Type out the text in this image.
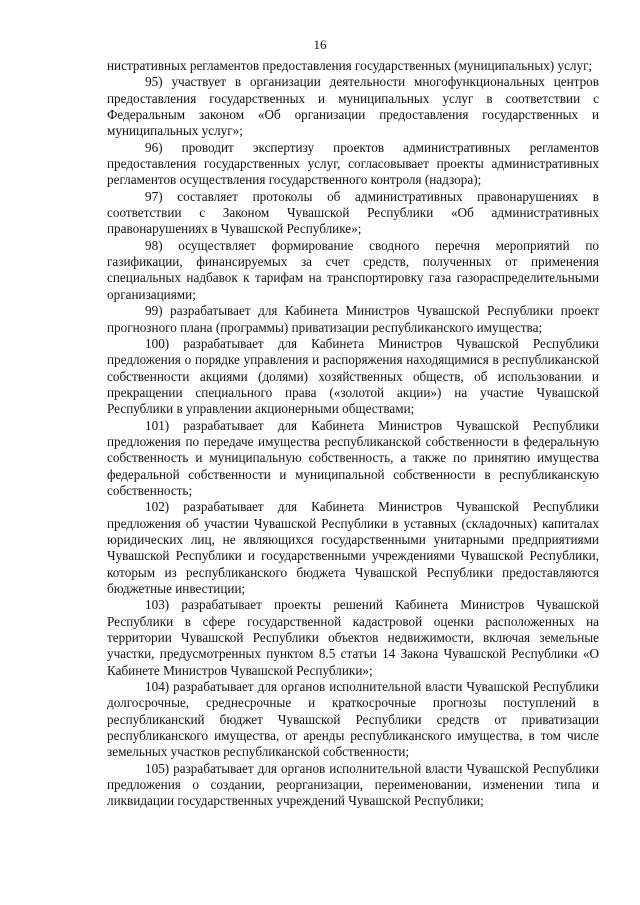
16

нистративных регламентов предоставления государственных (муниципальных) услуг;

95) участвует в организации деятельности многофункциональных центров предоставления государственных и муниципальных услуг в соответствии с Федеральным законом «Об организации предоставления государственных и муниципальных услуг»;

96) проводит экспертизу проектов административных регламентов предоставления государственных услуг, согласовывает проекты административных регламентов осуществления государственного контроля (надзора);

97) составляет протоколы об административных правонарушениях в соответствии с Законом Чувашской Республики «Об административных правонарушениях в Чувашской Республике»;

98) осуществляет формирование сводного перечня мероприятий по газификации, финансируемых за счет средств, полученных от применения специальных надбавок к тарифам на транспортировку газа газораспределительными организациями;

99) разрабатывает для Кабинета Министров Чувашской Республики проект прогнозного плана (программы) приватизации республиканского имущества;

100) разрабатывает для Кабинета Министров Чувашской Республики предложения о порядке управления и распоряжения находящимися в республиканской собственности акциями (долями) хозяйственных обществ, об использовании и прекращении специального права («золотой акции») на участие Чувашской Республики в управлении акционерными обществами;

101) разрабатывает для Кабинета Министров Чувашской Республики предложения по передаче имущества республиканской собственности в федеральную собственность и муниципальную собственность, а также по принятию имущества федеральной собственности и муниципальной собственности в республиканскую собственность;

102) разрабатывает для Кабинета Министров Чувашской Республики предложения об участии Чувашской Республики в уставных (складочных) капиталах юридических лиц, не являющихся государственными унитарными предприятиями Чувашской Республики и государственными учреждениями Чувашской Республики, которым из республиканского бюджета Чувашской Республики предоставляются бюджетные инвестиции;

103) разрабатывает проекты решений Кабинета Министров Чувашской Республики в сфере государственной кадастровой оценки расположенных на территории Чувашской Республики объектов недвижимости, включая земельные участки, предусмотренных пунктом 8.5 статьи 14 Закона Чувашской Республики «О Кабинете Министров Чувашской Республики»;

104) разрабатывает для органов исполнительной власти Чувашской Республики долгосрочные, среднесрочные и краткосрочные прогнозы поступлений в республиканский бюджет Чувашской Республики средств от приватизации республиканского имущества, от аренды республиканского имущества, в том числе земельных участков республиканской собственности;

105) разрабатывает для органов исполнительной власти Чувашской Республики предложения о создании, реорганизации, переименовании, изменении типа и ликвидации государственных учреждений Чувашской Республики;
